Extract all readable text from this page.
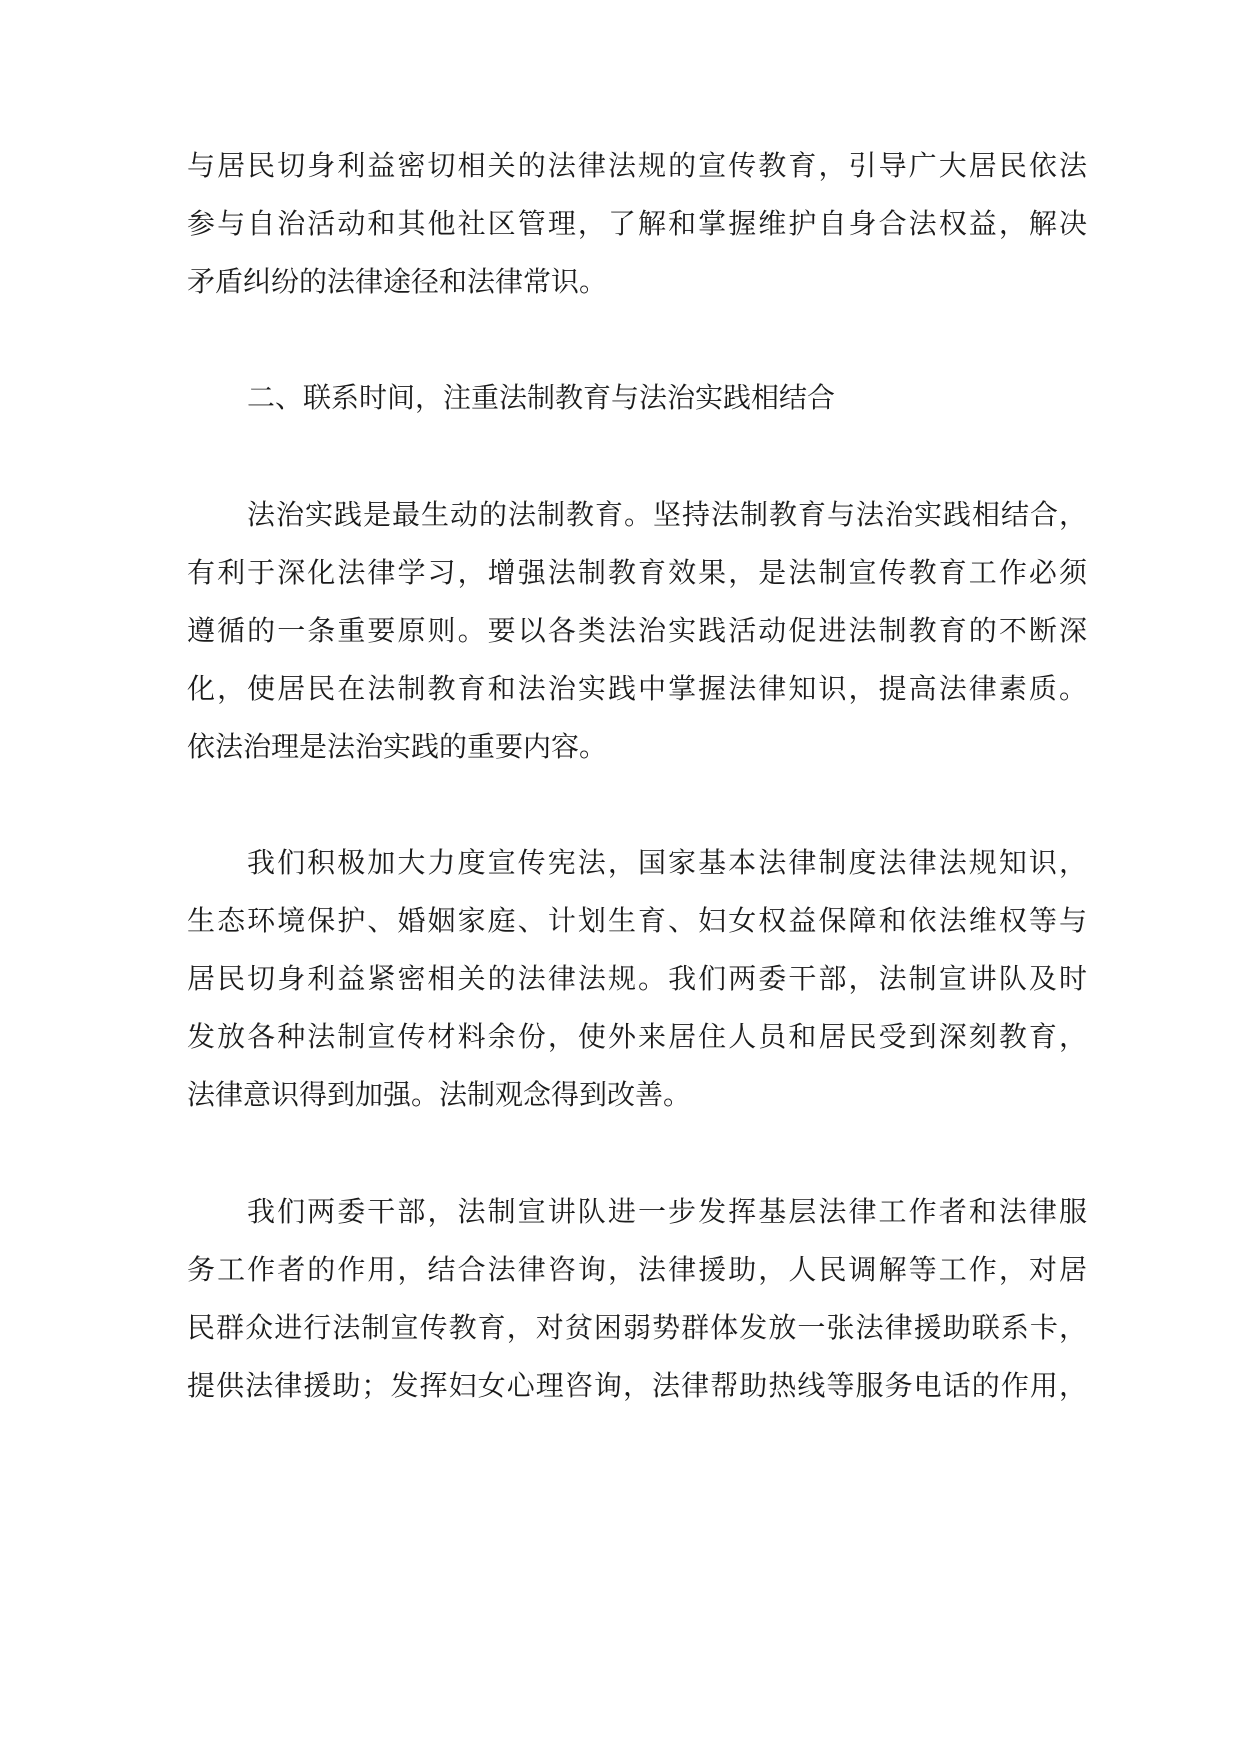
与居民切身利益密切相关的法律法规的宣传教育，引导广大居民依法
参与自治活动和其他社区管理，了解和掌握维护自身合法权益，解决
矛盾纠纷的法律途径和法律常识。
二、联系时间，注重法制教育与法治实践相结合
法治实践是最生动的法制教育。坚持法制教育与法治实践相结合，
有利于深化法律学习，增强法制教育效果，是法制宣传教育工作必须
遵循的一条重要原则。要以各类法治实践活动促进法制教育的不断深
化，使居民在法制教育和法治实践中掌握法律知识，提高法律素质。
依法治理是法治实践的重要内容。
我们积极加大力度宣传宪法，国家基本法律制度法律法规知识，
生态环境保护、婚姻家庭、计划生育、妇女权益保障和依法维权等与
居民切身利益紧密相关的法律法规。我们两委干部，法制宣讲队及时
发放各种法制宣传材料余份，使外来居住人员和居民受到深刻教育，
法律意识得到加强。法制观念得到改善。
我们两委干部，法制宣讲队进一步发挥基层法律工作者和法律服
务工作者的作用，结合法律咨询，法律援助，人民调解等工作，对居
民群众进行法制宣传教育，对贫困弱势群体发放一张法律援助联系卡，
提供法律援助；发挥妇女心理咨询，法律帮助热线等服务电话的作用，
